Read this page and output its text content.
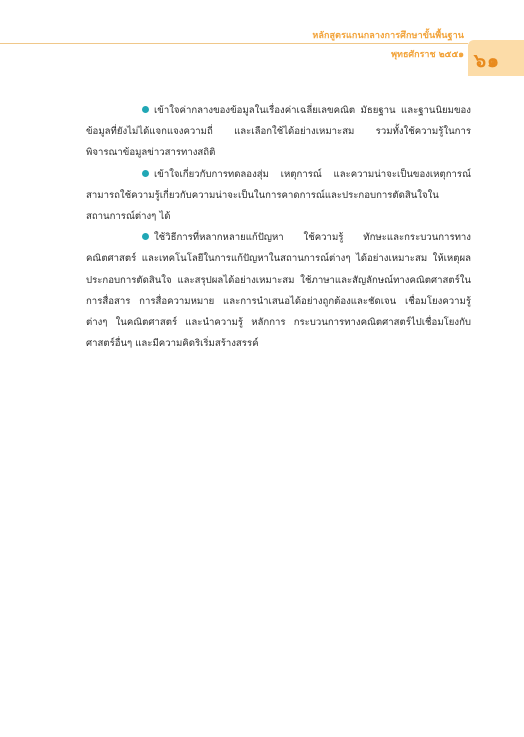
หลักสูตรแกนกลางการศึกษาขั้นพื้นฐาน
พุทธศักราช ๒๕๕๑ ๖๑

เข้าใจค่ากลางของข้อมูลในเรื่องค่าเฉลี่ยเลขคณิต มัธยฐาน และฐานนิยมของข้อมูลที่ยังไม่ได้แจกแจงความถี่ และเลือกใช้ได้อย่างเหมาะสม รวมทั้งใช้ความรู้ในการพิจารณาข้อมูลข่าวสารทางสถิติ

เข้าใจเกี่ยวกับการทดลองสุ่ม เหตุการณ์ และความน่าจะเป็นของเหตุการณ์ สามารถใช้ความรู้เกี่ยวกับความน่าจะเป็นในการคาดการณ์และประกอบการตัดสินใจในสถานการณ์ต่างๆ ได้

ใช้วิธีการที่หลากหลายแก้ปัญหา ใช้ความรู้ ทักษะและกระบวนการทางคณิตศาสตร์ และเทคโนโลยีในการแก้ปัญหาในสถานการณ์ต่างๆ ได้อย่างเหมาะสม ให้เหตุผลประกอบการตัดสินใจ และสรุปผลได้อย่างเหมาะสม ใช้ภาษาและสัญลักษณ์ทางคณิตศาสตร์ในการสื่อสาร การสื่อความหมาย และการนำเสนอได้อย่างถูกต้องและชัดเจน เชื่อมโยงความรู้ต่างๆ ในคณิตศาสตร์ และนำความรู้ หลักการ กระบวนการทางคณิตศาสตร์ไปเชื่อมโยงกับศาสตร์อื่นๆ และมีความคิดริเริ่มสร้างสรรค์
